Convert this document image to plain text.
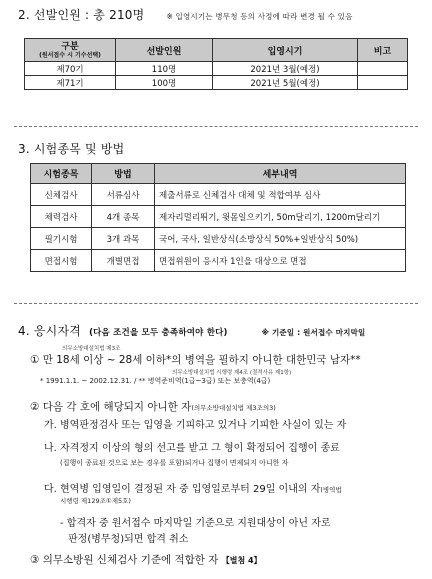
2. 선발인원 : 총 210명	※ 입영시기는 병무청 등의 사정에 따라 변경 될 수 있음
구분
(원서접수 시 기수선택)	선발인원	입영시기	비고
제70기	110명	2021년 3월(예정)	
제71기	100명	2021년 5월(예정)	
3. 시험종목 및 방법
시험종목	방법	세부내역
신체검사	서류심사	제출서류로 신체검사 대체 및 적합여부 심사
체력검사	4개 종목	제자리멀리뛰기, 윗몸일으키기, 50m달리기, 1200m달리기
필기시험	3개 과목	국어, 국사, 일반상식(소방상식 50%+일반상식 50%)
면접시험	개별면접	면접위원이 응시자 1인을 대상으로 면접
4. 응시자격 (다음 조건을 모두 충족하여야 한다)	※ 기준일 : 원서접수 마지막일
의무소방대설치법 제3조
① 만 18세 이상 ~ 28세 이하*의 병역을 필하지 아니한 대한민국 남자**
의무소방대설치법 시행령 제4조 (결격사유 제1항)
* 1991.1.1. ~ 2002.12.31. / ** 병역준비역(1급~3급) 또는 보충역(4급)
② 다음 각 호에 해당되지 아니한 자(의무소방대설치법 제3조의3)
가. 병역판정검사 또는 입영을 기피하고 있거나 기피한 사실이 있는 자
나. 자격정지 이상의 형의 선고를 받고 그 형이 확정되어 집행이 종료
(집행이 종료된 것으로 보는 경우를 포함)되거나 집행이 면제되지 아니한 자
다. 현역병 입영일이 결정된 자 중 입영일로부터 29일 이내의 자(병역법
시행령 제129조①제5호)
- 합격자 중 원서접수 마지막일 기준으로 지원대상이 아닌 자로
판정(병무청)되면 합격 취소
③ 의무소방원 신체검사 기준에 적합한 자 【별첨 4】
